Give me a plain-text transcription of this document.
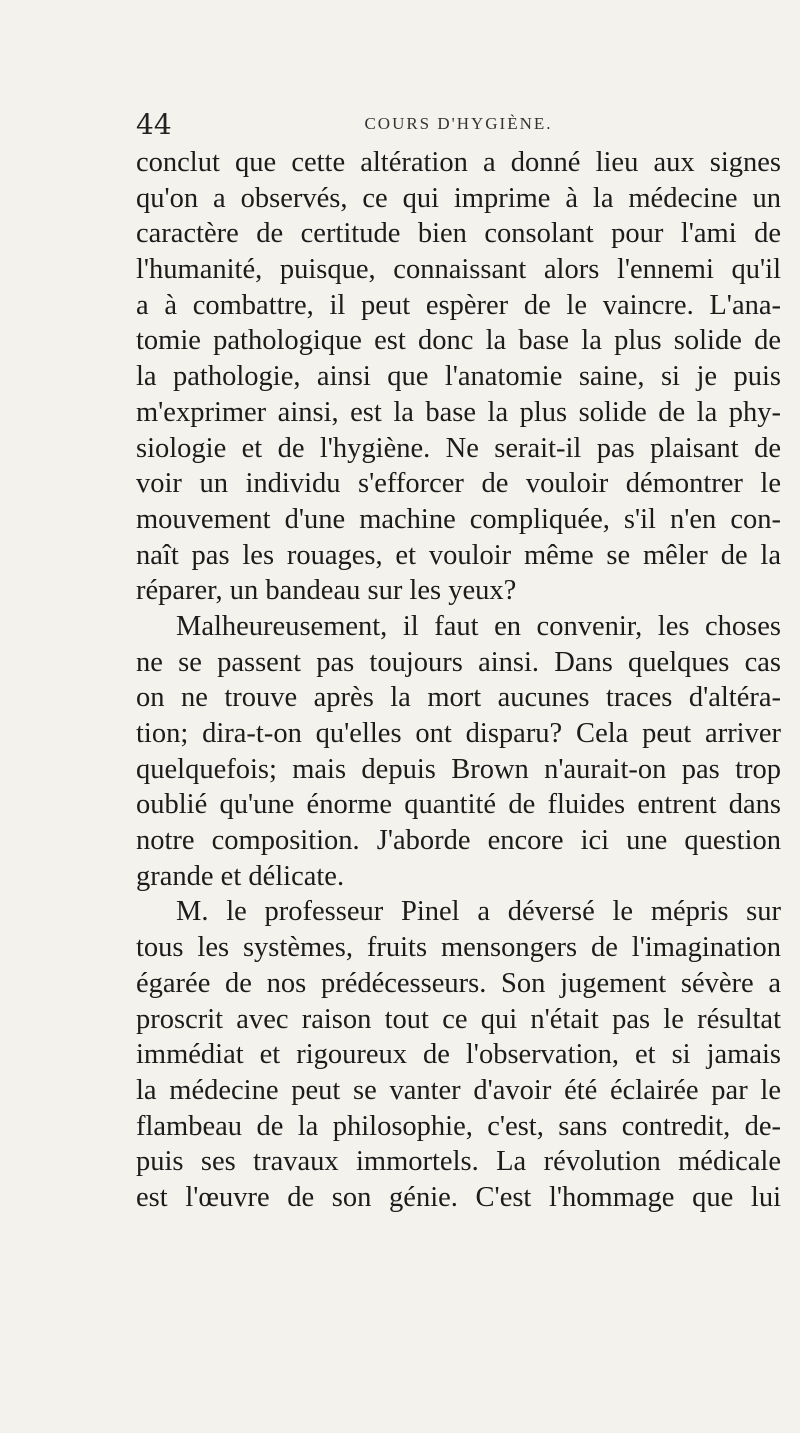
44	COURS D'HYGIÈNE.
conclut que cette altération a donné lieu aux signes
qu'on a observés, ce qui imprime à la médecine un
caractère de certitude bien consolant pour l'ami de
l'humanité, puisque, connaissant alors l'ennemi qu'il
a à combattre, il peut espèrer de le vaincre. L'ana-
tomie pathologique est donc la base la plus solide de
la pathologie, ainsi que l'anatomie saine, si je puis
m'exprimer ainsi, est la base la plus solide de la phy-
siologie et de l'hygiène. Ne serait-il pas plaisant de
voir un individu s'efforcer de vouloir démontrer le
mouvement d'une machine compliquée, s'il n'en con-
naît pas les rouages, et vouloir même se mêler de la
réparer, un bandeau sur les yeux?
Malheureusement, il faut en convenir, les choses
ne se passent pas toujours ainsi. Dans quelques cas
on ne trouve après la mort aucunes traces d'altéra-
tion; dira-t-on qu'elles ont disparu? Cela peut arriver
quelquefois; mais depuis Brown n'aurait-on pas trop
oublié qu'une énorme quantité de fluides entrent dans
notre composition. J'aborde encore ici une question
grande et délicate.
M. le professeur Pinel a déversé le mépris sur
tous les systèmes, fruits mensongers de l'imagination
égarée de nos prédécesseurs. Son jugement sévère a
proscrit avec raison tout ce qui n'était pas le résultat
immédiat et rigoureux de l'observation, et si jamais
la médecine peut se vanter d'avoir été éclairée par le
flambeau de la philosophie, c'est, sans contredit, de-
puis ses travaux immortels. La révolution médicale
est l'œuvre de son génie. C'est l'hommage que lui
